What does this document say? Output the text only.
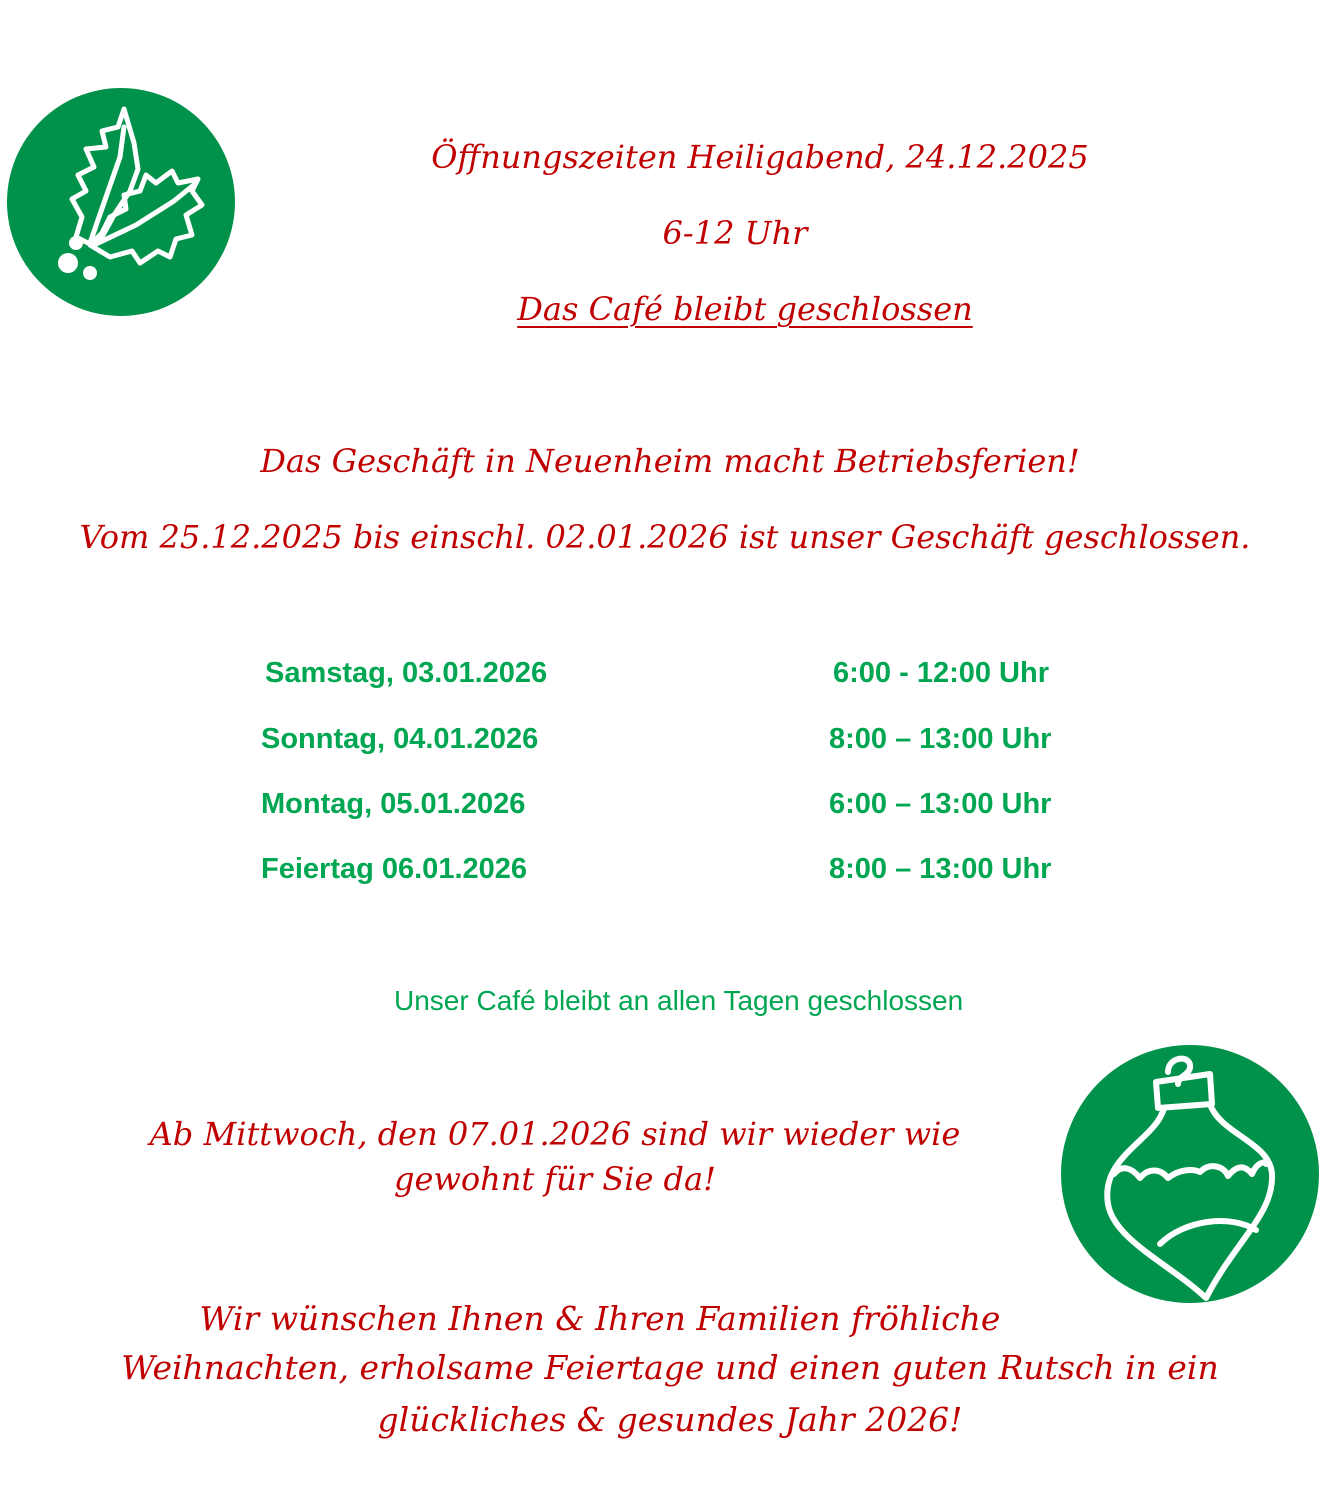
Öffnungszeiten Heiligabend, 24.12.2025

6-12 Uhr

Das Café bleibt geschlossen

Das Geschäft in Neuenheim macht Betriebsferien!

Vom 25.12.2025 bis einschl. 02.01.2026 ist unser Geschäft geschlossen.

Samstag, 03.01.2026	6:00 - 12:00 Uhr

Sonntag, 04.01.2026	8:00 – 13:00 Uhr

Montag, 05.01.2026	6:00 – 13:00 Uhr

Feiertag 06.01.2026	8:00 – 13:00 Uhr

Unser Café bleibt an allen Tagen geschlossen

Ab Mittwoch, den 07.01.2026 sind wir wieder wie

gewohnt für Sie da!

Wir wünschen Ihnen & Ihren Familien fröhliche

Weihnachten, erholsame Feiertage und einen guten Rutsch in ein

glückliches & gesundes Jahr 2026!
